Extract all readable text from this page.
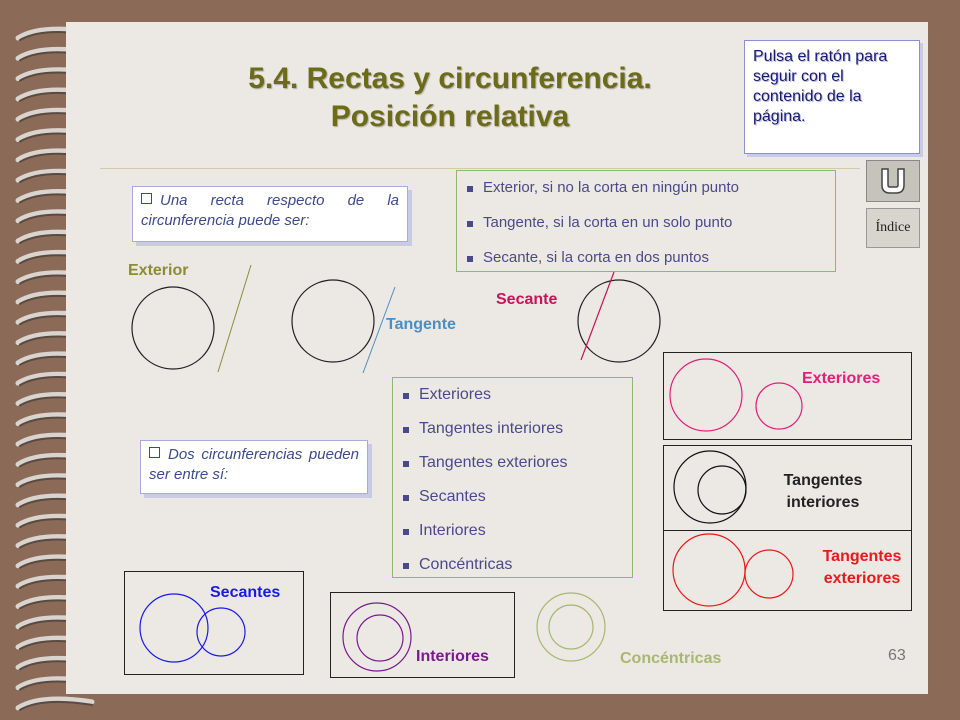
5.4. Rectas y circunferencia.
Posición relativa
Pulsa el ratón para seguir con el contenido de la página.
Índice
Una recta respecto de la circunferencia puede ser:
Exterior, si no la corta en ningún punto
Tangente, si la corta en un solo punto
Secante, si la corta en dos puntos
Exterior
Tangente
Secante
Dos circunferencias pueden ser entre sí:
Exteriores
Tangentes interiores
Tangentes exteriores
Secantes
Interiores
Concéntricas
Exteriores
Tangentes interiores
Tangentes exteriores
Secantes
Interiores	Concéntricas	63
